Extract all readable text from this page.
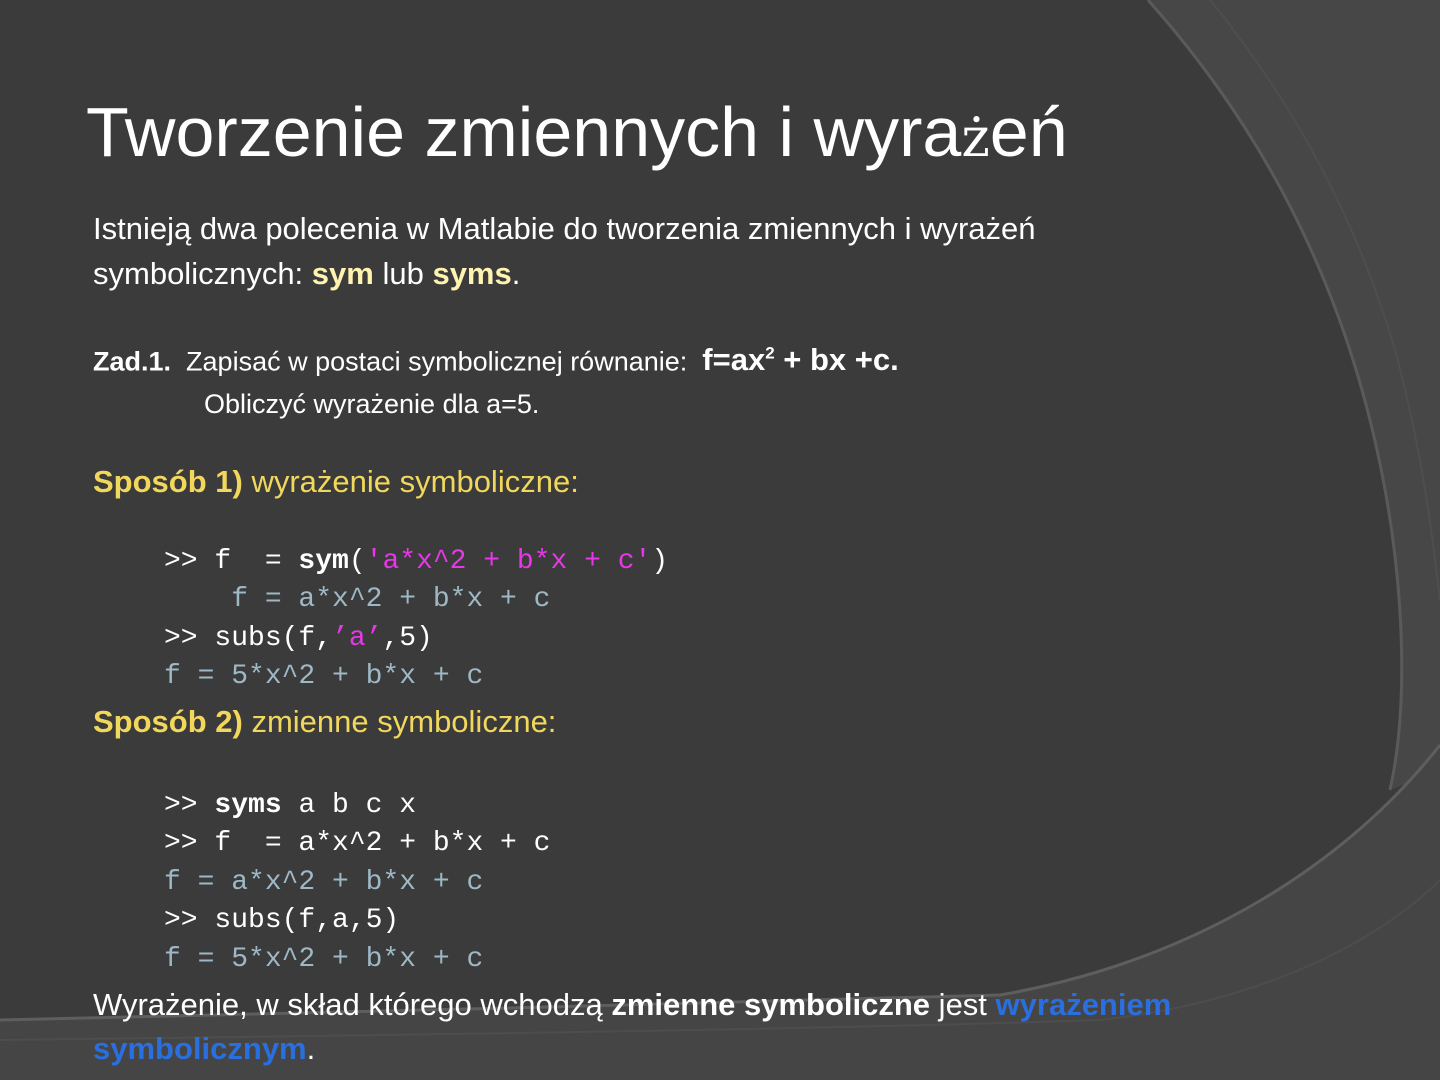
Tworzenie zmiennych i wyrażeń
Istnieją dwa polecenia w Matlabie do tworzenia zmiennych i wyrażeń symbolicznych: sym lub syms.
Zad.1. Zapisać w postaci symbolicznej równanie: $f=ax^2$ + bx +c.
Obliczyć wyrażenie dla a=5.
Sposób 1) wyrażenie symboliczne:

>> f  = sym('a*x^2 + b*x + c')
f = a*x^2 + b*x + c
>> subs(f,’a’,5)
f = 5*x^2 + b*x + c

Sposób 2) zmienne symboliczne:

>> syms a b c x
>> f  = a*x^2 + b*x + c
f = a*x^2 + b*x + c
>> subs(f,a,5)
f = 5*x^2 + b*x + c

Wyrażenie, w skład którego wchodzą zmienne symboliczne jest wyrażeniem symbolicznym.
